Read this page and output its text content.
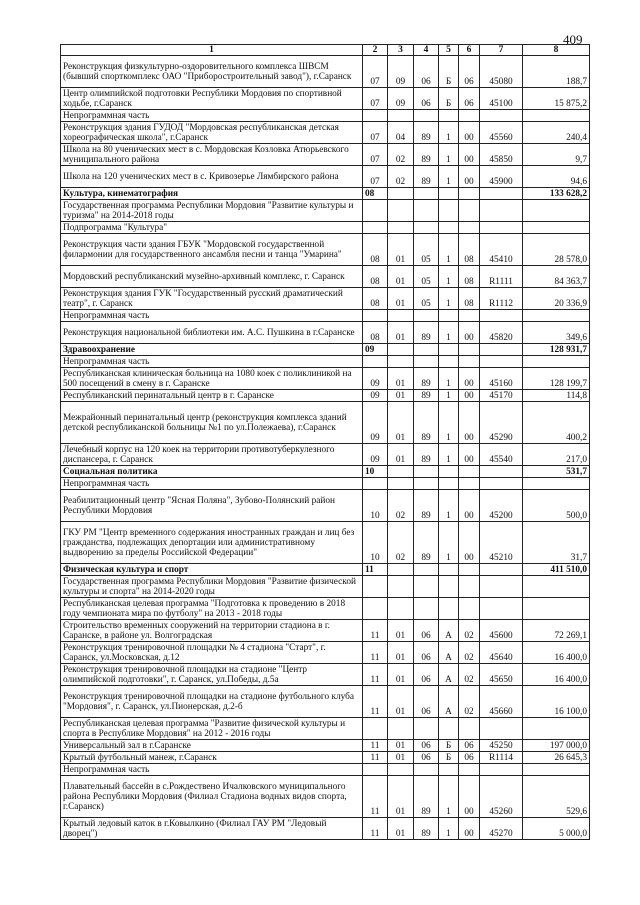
409
1	2	3	4	5	6	7	8
Реконструкция физкультурно-оздоровительного комплекса ШВСМ (бывший спорткомплекс ОАО "Приборостроительный завод"), г.Саранск	07	09	06	Б	06	45080	188,7
Центр олимпийской подготовки Республики Мордовия по спортивной ходьбе, г.Саранск	07	09	06	Б	06	45100	15 875,2
Непрограммная часть							
Реконструкция здания ГУДОД "Мордовская республиканская детская хореографическая школа", г.Саранск	07	04	89	1	00	45560	240,4
Школа на 80 ученических мест в с. Мордовская Козловка Атюрьевского муниципального района	07	02	89	1	00	45850	9,7
Школа на 120 ученических мест в с. Кривозерье Лямбирского района	07	02	89	1	00	45900	94,6
Культура, кинематография	08						133 628,2
Государственная программа Республики Мордовия "Развитие культуры и туризма" на 2014-2018 годы							
Подпрограмма "Культура"							
Реконструкция части здания ГБУК "Мордовской государственной филармонии для государственного ансамбля песни и танца "Умарина"	08	01	05	1	08	45410	28 578,0
Мордовский республиканский музейно-архивный комплекс, г. Саранск	08	01	05	1	08	R1111	84 363,7
Реконструкция здания ГУК "Государственный русский драматический театр", г. Саранск	08	01	05	1	08	R1112	20 336,9
Непрограммная часть							
Реконструкция национальной библиотеки им. А.С. Пушкина в г.Саранске	08	01	89	1	00	45820	349,6
Здравоохранение	09						128 931,7
Непрограммная часть							
Республиканская клиническая больница на 1080 коек с поликлиникой на 500 посещений в смену в г. Саранске	09	01	89	1	00	45160	128 199,7
Республиканский перинатальный центр в г. Саранске	09	01	89	1	00	45170	114,8
Межрайонный перинатальный центр (реконструкция комплекса зданий детской республиканской больницы №1 по ул.Полежаева), г.Саранск	09	01	89	1	00	45290	400,2
Лечебный корпус на 120 коек на территории противотуберкулезного диспансера, г. Саранск	09	01	89	1	00	45540	217,0
Социальная политика	10						531,7
Непрограммная часть							
Реабилитационный центр "Ясная Поляна", Зубово-Полянский район Республики Мордовия	10	02	89	1	00	45200	500,0
ГКУ РМ "Центр временного содержания иностранных граждан и лиц без гражданства, подлежащих депортации или административному выдворению за пределы Российской Федерации"	10	02	89	1	00	45210	31,7
Физическая культура и спорт	11						411 510,0
Государственная программа Республики Мордовия "Развитие физической культуры и спорта" на 2014-2020 годы							
Республиканская целевая программа "Подготовка к проведению в 2018 году чемпионата мира по футболу" на 2013 - 2018 годы							
Строительство временных сооружений на территории стадиона в г. Саранске, в районе ул. Волгоградская	11	01	06	А	02	45600	72 269,1
Реконструкция тренировочной площадки № 4 стадиона "Старт", г. Саранск, ул.Московская, д.12	11	01	06	А	02	45640	16 400,0
Реконструкция тренировочной площадки на стадионе "Центр олимпийской подготовки", г. Саранск, ул.Победы, д.5а	11	01	06	А	02	45650	16 400,0
Реконструкция тренировочной площадки на стадионе футбольного клуба "Мордовия", г. Саранск, ул.Пионерская, д.2-б	11	01	06	А	02	45660	16 100,0
Республиканская целевая программа "Развитие физической культуры и спорта в Республике Мордовия" на 2012 - 2016 годы							
Универсальный зал в г.Саранске	11	01	06	Б	06	45250	197 000,0
Крытый футбольный манеж, г.Саранск	11	01	06	Б	06	R1114	26 645,3
Непрограммная часть							
Плавательный бассейн в с.Рождествено Ичалковского муниципального района Республики Мордовия (Филиал Стадиона водных видов спорта, г.Саранск)	11	01	89	1	00	45260	529,6
Крытый ледовый каток в г.Ковылкино (Филиал ГАУ РМ "Ледовый дворец")	11	01	89	1	00	45270	5 000,0
